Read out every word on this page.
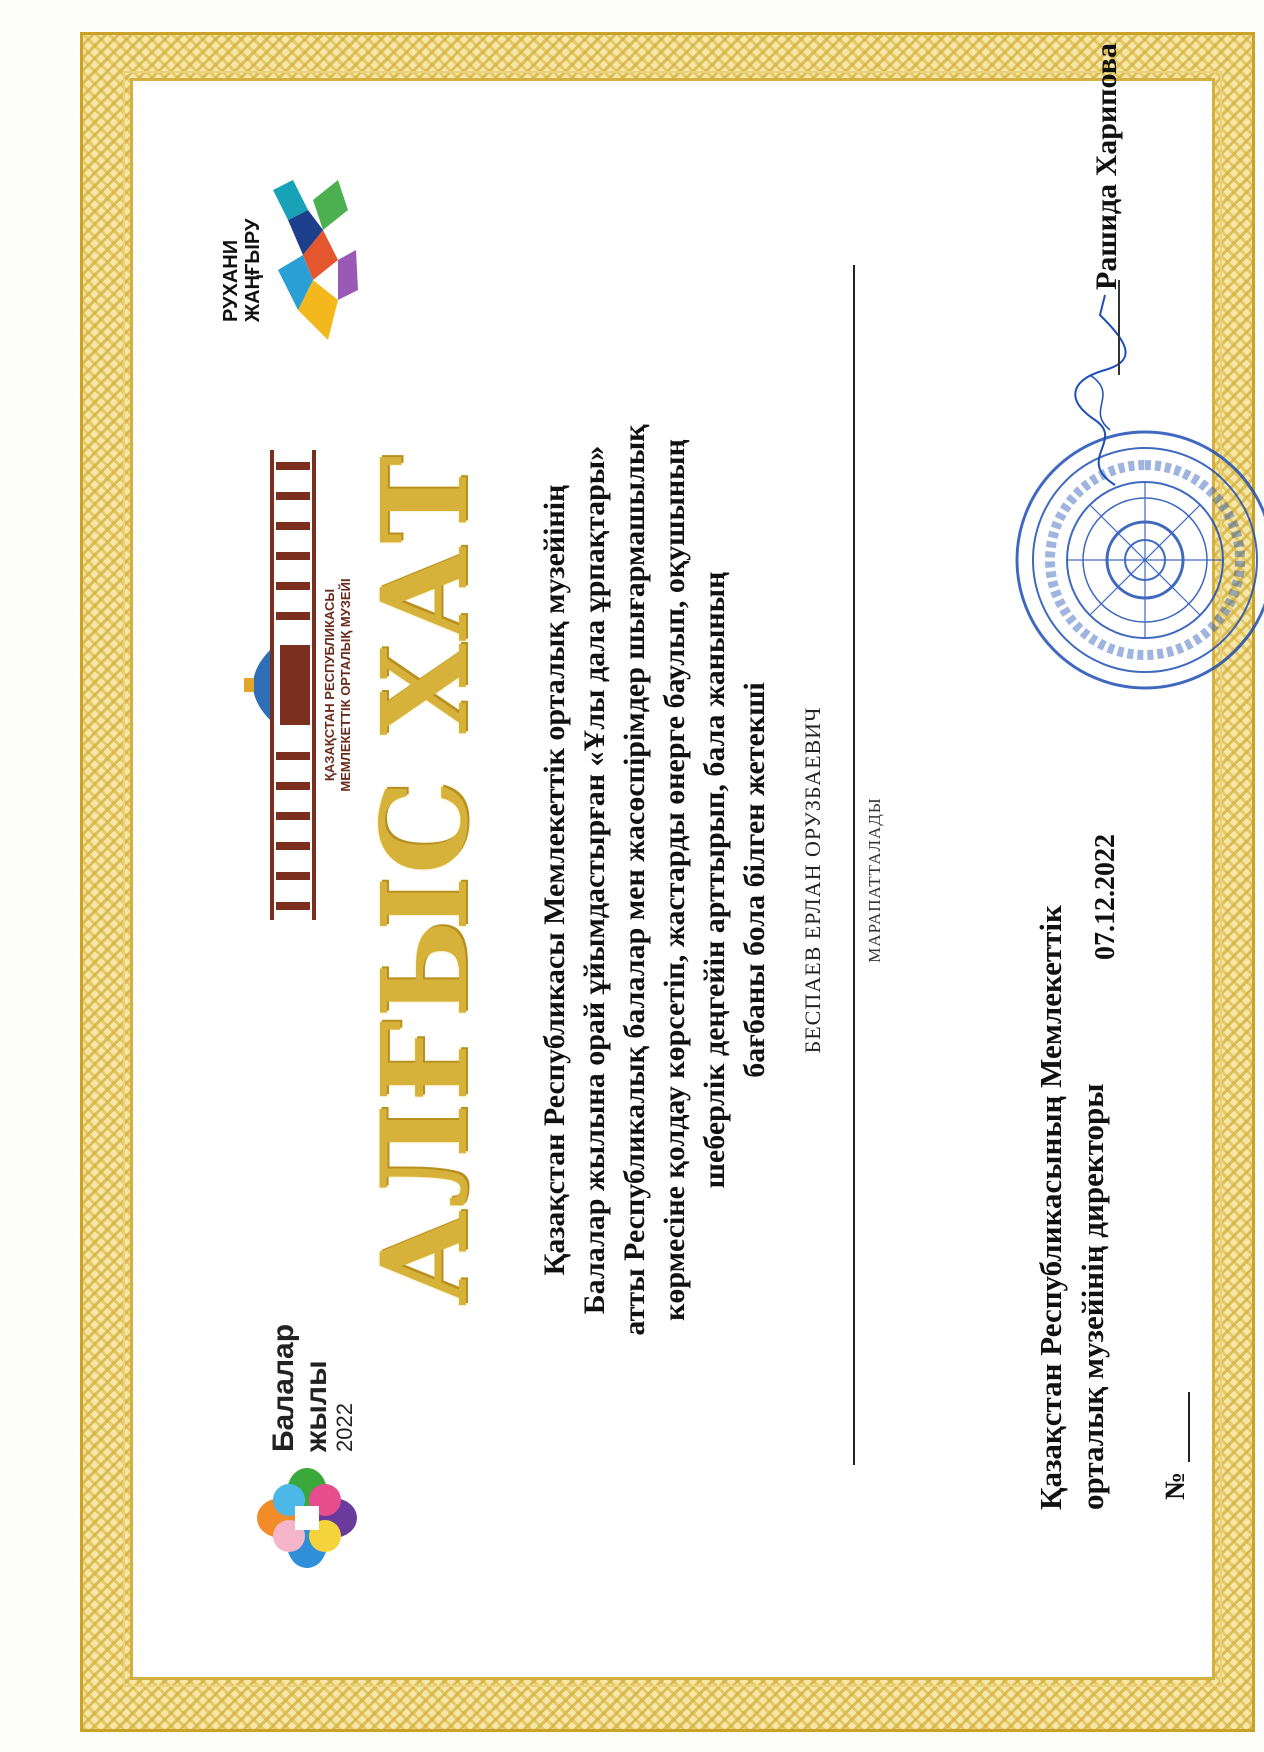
Балалар жылы 2022
ҚАЗАҚСТАН РЕСПУБЛИКАСЫ МЕМЛЕКЕТТІК ОРТАЛЫҚ МУЗЕЙІ
РУХАНИ ЖАҢҒЫРУ
АЛҒЫС ХАТ Қазақстан Республикасы Мемлекеттік орталық музейінің Балалар жылына орай ұйымдастырған «Ұлы дала ұрпақтары» атты Республикалық балалар мен жасөспірімдер шығармашылық көрмесіне қолдау көрсетіп, жастарды өнерге баулып, оқушының шеберлік деңгейін арттырып, бала жанының бағбаны бола білген жетекші БЕСПАЕВ ЕРЛАН ОРУЗБАЕВИЧ МАРАПАТТАЛАДЫ
Қазақстан Республикасының Мемлекеттік орталық музейінің директоры
07.12.2022
Рашида Харипова
№
